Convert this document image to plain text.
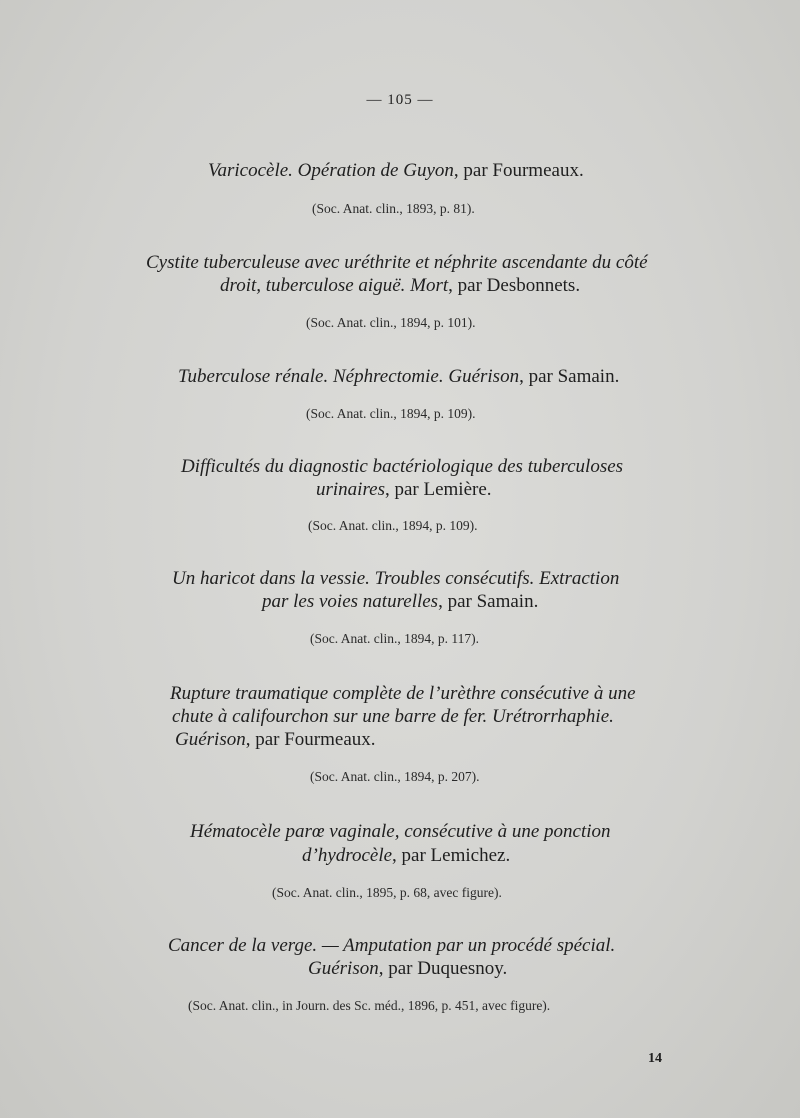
— 105 —
Varicocèle. Opération de Guyon, par Fourmeaux.
(Soc. Anat. clin., 1893, p. 81).
Cystite tuberculeuse avec uréthrite et néphrite ascendante du côté
droit, tuberculose aiguë. Mort, par Desbonnets.
(Soc. Anat. clin., 1894, p. 101).
Tuberculose rénale. Néphrectomie. Guérison, par Samain.
(Soc. Anat. clin., 1894, p. 109).
Difficultés du diagnostic bactériologique des tuberculoses
urinaires, par Lemière.
(Soc. Anat. clin., 1894, p. 109).
Un haricot dans la vessie. Troubles consécutifs. Extraction
par les voies naturelles, par Samain.
(Soc. Anat. clin., 1894, p. 117).
Rupture traumatique complète de l’urèthre consécutive à une
chute à califourchon sur une barre de fer. Urétrorrhaphie.
Guérison, par Fourmeaux.
(Soc. Anat. clin., 1894, p. 207).
Hématocèle parœ vaginale, consécutive à une ponction
d’hydrocèle, par Lemichez.
(Soc. Anat. clin., 1895, p. 68, avec figure).
Cancer de la verge. — Amputation par un procédé spécial.
Guérison, par Duquesnoy.
(Soc. Anat. clin., in Journ. des Sc. méd., 1896, p. 451, avec figure).
14
